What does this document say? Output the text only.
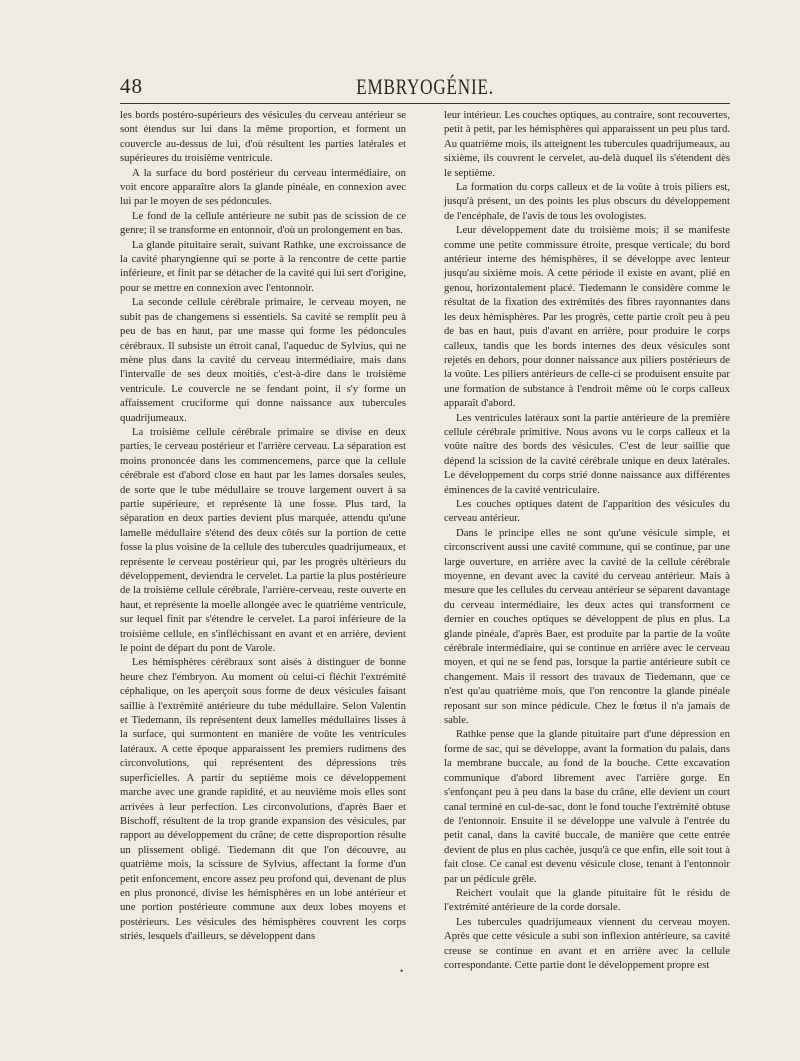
48	EMBRYOGÉNIE.

les bords postéro-supérieurs des vésicules du cerveau antérieur se sont étendus sur lui dans la même proportion, et forment un couvercle au-dessus de lui, d'où résultent les parties latérales et supérieures du troisième ventricule.

A la surface du bord postérieur du cerveau intermédiaire, on voit encore apparaître alors la glande pinéale, en connexion avec lui par le moyen de ses pédoncules.

Le fond de la cellule antérieure ne subit pas de scission de ce genre; il se transforme en entonnoir, d'où un prolongement en bas.

La glande pituitaire serait, suivant Rathke, une excroissance de la cavité pharyngienne qui se porte à la rencontre de cette partie inférieure, et finit par se détacher de la cavité qui lui sert d'origine, pour se mettre en connexion avec l'entonnoir.

La seconde cellule cérébrale primaire, le cerveau moyen, ne subit pas de changemens si essentiels. Sa cavité se remplit peu à peu de bas en haut, par une masse qui forme les pédoncules cérébraux. Il subsiste un étroit canal, l'aqueduc de Sylvius, qui ne mène plus dans la cavité du cerveau intermédiaire, mais dans l'intervalle de ses deux moitiés, c'est-à-dire dans le troisième ventricule. Le couvercle ne se fendant point, il s'y forme un affaissement cruciforme qui donne naissance aux tubercules quadrijumeaux.

La troisième cellule cérébrale primaire se divise en deux parties, le cerveau postérieur et l'arrière cerveau. La séparation est moins prononcée dans les commencemens, parce que la cellule cérébrale est d'abord close en haut par les lames dorsales seules, de sorte que le tube médullaire se trouve largement ouvert à sa partie supérieure, et représente là une fosse. Plus tard, la séparation en deux parties devient plus marquée, attendu qu'une lamelle médullaire s'étend des deux côtés sur la portion de cette fosse la plus voisine de la cellule des tubercules quadrijumeaux, et représente le cerveau postérieur qui, par les progrès ultérieurs du développement, deviendra le cervelet. La partie la plus postérieure de la troisième cellule cérébrale, l'arrière-cerveau, reste ouverte en haut, et représente la moelle allongée avec le quatrième ventricule, sur lequel finit par s'étendre le cervelet. La paroi inférieure de la troisième cellule, en s'infléchissant en avant et en arrière, devient le point de départ du pont de Varole.

Les hémisphères cérébraux sont aisés à distinguer de bonne heure chez l'embryon. Au moment où celui-ci fléchit l'extrémité céphalique, on les aperçoit sous forme de deux vésicules faisant saillie à l'extrémité antérieure du tube médullaire. Selon Valentin et Tiedemann, ils représentent deux lamelles médullaires lisses à la surface, qui surmontent en manière de voûte les ventricules latéraux. A cette époque apparaissent les premiers rudimens des circonvolutions, qui représentent des dépressions très superficielles. A partir du septième mois ce développement marche avec une grande rapidité, et au neuvième mois elles sont arrivées à leur perfection. Les circonvolutions, d'après Baer et Bischoff, résultent de la trop grande expansion des vésicules, par rapport au développement du crâne; de cette disproportion résulte un plissement obligé. Tiedemann dit que l'on découvre, au quatrième mois, la scissure de Sylvius, affectant la forme d'un petit enfoncement, encore assez peu profond qui, devenant de plus en plus prononcé, divise les hémisphères en un lobe antérieur et une portion postérieure commune aux deux lobes moyens et postérieurs. Les vésicules des hémisphères couvrent les corps striés, lesquels d'ailleurs, se développent dans

leur intérieur. Les couches optiques, au contraire, sont recouvertes, petit à petit, par les hémisphères qui apparaissent un peu plus tard. Au quatrième mois, ils atteignent les tubercules quadrijumeaux, au sixième, ils couvrent le cervelet, au-delà duquel ils s'étendent dès le septième.

La formation du corps calleux et de la voûte à trois piliers est, jusqu'à présent, un des points les plus obscurs du développement de l'encéphale, de l'avis de tous les ovologistes.

Leur développement date du troisième mois; il se manifeste comme une petite commissure étroite, presque verticale; du bord antérieur interne des hémisphères, il se développe avec lenteur jusqu'au sixième mois. A cette période il existe en avant, plié en genou, horizontalement placé. Tiedemann le considère comme le résultat de la fixation des extrémités des fibres rayonnantes dans les deux hémisphères. Par les progrès, cette partie croît peu à peu de bas en haut, puis d'avant en arrière, pour produire le corps calleux, tandis que les bords internes des deux vésicules sont rejetés en dehors, pour donner naissance aux piliers postérieurs de la voûte. Les piliers antérieurs de celle-ci se produisent ensuite par une formation de substance à l'endroit même où le corps calleux apparaît d'abord.

Les ventricules latéraux sont la partie antérieure de la première cellule cérébrale primitive. Nous avons vu le corps calleux et la voûte naître des bords des vésicules. C'est de leur saillie que dépend la scission de la cavité cérébrale unique en deux latérales. Le développement du corps strié donne naissance aux différentes éminences de la cavité ventriculaire.

Les couches optiques datent de l'apparition des vésicules du cerveau antérieur.

Dans le principe elles ne sont qu'une vésicule simple, et circonscrivent aussi une cavité commune, qui se continue, par une large ouverture, en arrière avec la cavité de la cellule cérébrale moyenne, en devant avec la cavité du cerveau antérieur. Mais à mesure que les cellules du cerveau antérieur se séparent davantage du cerveau intermédiaire, les deux actes qui transforment ce dernier en couches optiques se développent de plus en plus. La glande pinéale, d'après Baer, est produite par la partie de la voûte cérébrale intermédiaire, qui se continue en arrière avec le cerveau moyen, et qui ne se fend pas, lorsque la partie antérieure subit ce changement. Mais il ressort des travaux de Tiedemann, que ce n'est qu'au quatrième mois, que l'on rencontre la glande pinéale reposant sur son mince pédicule. Chez le fœtus il n'a jamais de sable.

Rathke pense que la glande pituitaire part d'une dépression en forme de sac, qui se développe, avant la formation du palais, dans la membrane buccale, au fond de la bouche. Cette excavation communique d'abord librement avec l'arrière gorge. En s'enfonçant peu à peu dans la base du crâne, elle devient un court canal terminé en cul-de-sac, dont le fond touche l'extrémité obtuse de l'entonnoir. Ensuite il se développe une valvule à l'entrée du petit canal, dans la cavité buccale, de manière que cette entrée devient de plus en plus cachée, jusqu'à ce que enfin, elle soit tout à fait close. Ce canal est devenu vésicule close, tenant à l'entonnoir par un pédicule grêle.

Reichert voulait que la glande pituitaire fût le résidu de l'extrémité antérieure de la corde dorsale.

Les tubercules quadrijumeaux viennent du cerveau moyen. Après que cette vésicule a subi son inflexion antérieure, sa cavité creuse se continue en avant et en arrière avec la cellule correspondante. Cette partie dont le développement propre est

•
